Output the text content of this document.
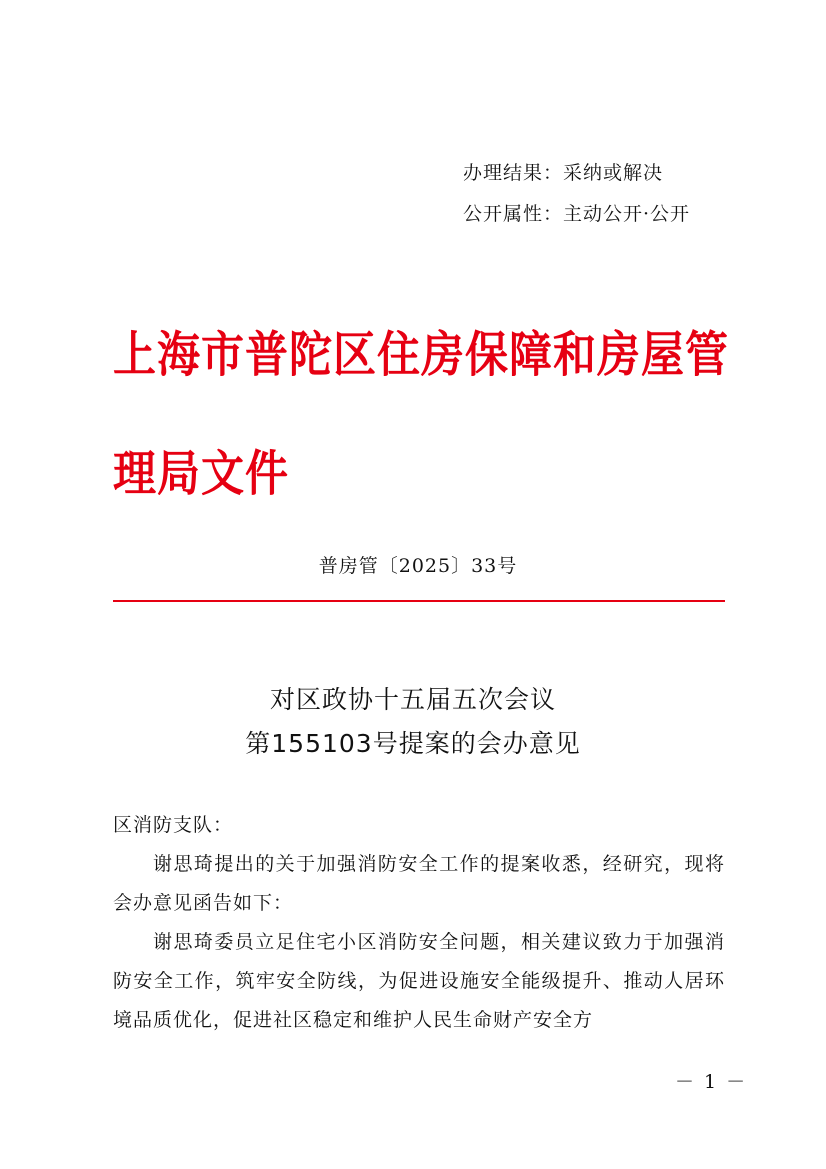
办理结果：采纳或解决
公开属性：主动公开·公开
上海市普陀区住房保障和房屋管理局文件
普房管〔2025〕33号
对区政协十五届五次会议
第155103号提案的会办意见
区消防支队：
谢思琦提出的关于加强消防安全工作的提案收悉，经研究，现将会办意见函告如下：
谢思琦委员立足住宅小区消防安全问题，相关建议致力于加强消防安全工作，筑牢安全防线，为促进设施安全能级提升、推动人居环境品质优化，促进社区稳定和维护人民生命财产安全方
－ 1 －
